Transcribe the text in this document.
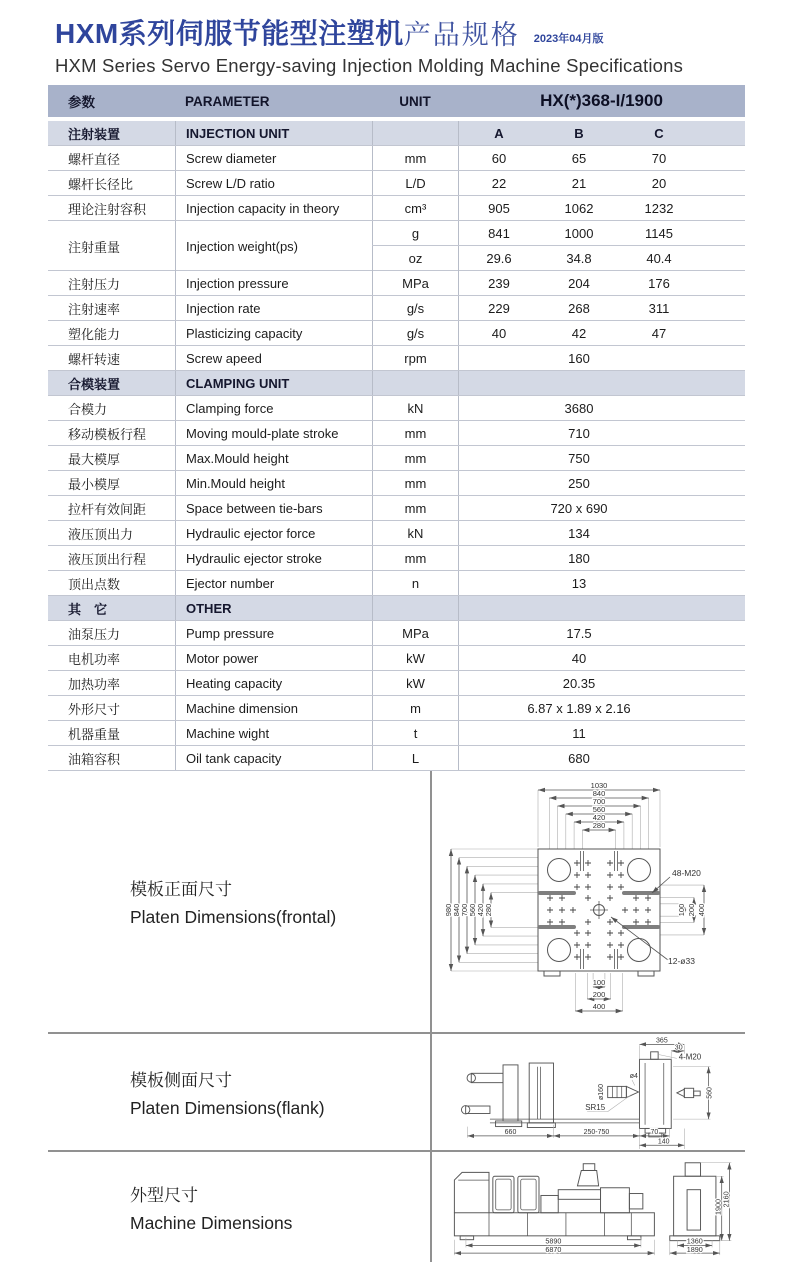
HXM系列伺服节能型注塑机 产品规格 2023年04月版
HXM Series Servo Energy-saving Injection Molding Machine Specifications
参数	PARAMETER	UNIT	HX(*)368-I/1900
注射装置	INJECTION UNIT	A	B	C
螺杆直径	Screw diameter	mm	60	65	70
螺杆长径比	Screw L/D ratio	L/D	22	21	20
理论注射容积	Injection capacity in theory	cm³	905	1062	1232
注射重量	Injection weight(ps)
g	841	1000	1145
oz	29.6	34.8	40.4
注射压力	Injection pressure	MPa	239	204	176
注射速率	Injection rate	g/s	229	268	311
塑化能力	Plasticizing capacity	g/s	40	42	47
螺杆转速	Screw apeed	rpm	160
合模装置	CLAMPING UNIT
合模力	Clamping force	kN	3680
移动模板行程	Moving mould-plate stroke	mm	710
最大模厚	Max.Mould height	mm	750
最小模厚	Min.Mould height	mm	250
拉杆有效间距	Space between tie-bars	mm	720 x 690
液压顶出力	Hydraulic ejector force	kN	134
液压顶出行程	Hydraulic ejector stroke	mm	180
顶出点数	Ejector number	n	13
其　它	OTHER
油泵压力	Pump pressure	MPa	17.5
电机功率	Motor power	kW	40
加热功率	Heating capacity	kW	20.35
外形尺寸	Machine dimension	m	6.87 x 1.89 x 2.16
机器重量	Machine wight	t	11
油箱容积	Oil tank capacity	L	680
模板正面尺寸
Platen Dimensions(frontal)
1030
840
700
560
420
280
980 840 700 560 420 280	100 200 400
100
200
400
48-M20
12-ø33
模板侧面尺寸
Platen Dimensions(flank)
365
30
4-M20
ø4
ø160
SR15
560
660	250-750	70
140
外型尺寸
Machine Dimensions
5890
6870
1360
1890
1900
2160
